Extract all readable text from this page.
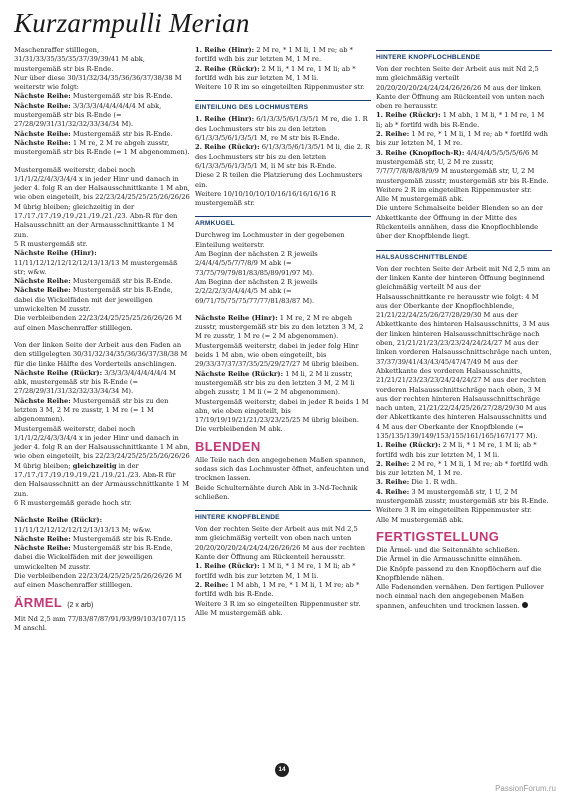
Kurzarmpulli Merian

Maschenraffer stilllegen, 31/31/33/35/35/35/37/39/39/41 M abk, mustergemäß str bis R-Ende.

Nur über diese 30/31/32/34/35/36/36/37/38/38 M weiterstr wie folgt:

Nächste Reihe: Mustergemäß str bis R-Ende.

Nächste Reihe: 3/3/3/3/4/4/4/4/4/4 M abk, mustergemäß str bis R-Ende (= 27/28/29/31/31/32/32/33/34/34 M).

Nächste Reihe: Mustergemäß str bis R-Ende.

Nächste Reihe: 1 M re, 2 M re abgeh zusstr, mustergemäß str bis R-Ende (= 1 M abgenommen).

Mustergemäß weiterstr, dabei noch 1/1/1/2/2/4/3/3/4/4 x in jeder Hinr und danach in jeder 4. folg R an der Halsausschnittkante 1 M abn, wie oben eingeteilt, bis 22/23/24/25/25/25/26/26/26 M übrig bleiben; gleichzeitig in der 17./17./17./19./19./21./19./21./23. Abn-R für den Halsausschnitt an der Armausschnittkante 1 M zun.

5 R mustergemäß str.

Nächste Reihe (Hinr): 11/11/12/12/12/12/12/13/13/13 M mustergemäß str; w&w.

Nächste Reihe: Mustergemäß str bis R-Ende.

Nächste Reihe: Mustergemäß str bis R-Ende, dabei die Wickelfäden mit der jeweiligen umwickelten M zusstr.

Die verbleibenden 22/23/24/25/25/25/26/26/26 M auf einen Maschenraffer stilllegen.

Von der linken Seite der Arbeit aus den Faden an den stillgelegten 30/31/32/34/35/36/36/37/38/38 M für die linke Hälfte des Vorderteils anschlingen.

Nächste Reihe (Rückr): 3/3/3/3/4/4/4/4/4/4 M abk, mustergemäß str bis R-Ende (= 27/28/29/31/31/32/32/33/34/34 M).

Nächste Reihe: Mustergemäß str bis zu den letzten 3 M, 2 M re zusstr, 1 M re (= 1 M abgenommen).

Mustergemäß weiterstr, dabei noch 1/1/1/2/2/4/3/3/4/4 x in jeder Hinr und danach in jeder 4. folg R an der Halsausschnittkante 1 M abn, wie oben eingeteilt, bis 22/23/24/25/25/25/26/26/26 M übrig bleiben; gleichzeitig in der 17./17./17./19./19./19./21./19./21./23. Abn-R für den Halsausschnitt an der Armausschnittkante 1 M zun.

6 R mustergemäß gerade hoch str.

Nächste Reihe (Rückr): 11/11/12/12/12/12/12/13/13/13 M; w&w.

Nächste Reihe: Mustergemäß str bis R-Ende.

Nächste Reihe: Mustergemäß str bis R-Ende, dabei die Wickelfäden mit der jeweiligen umwickelten M zusstr.

Die verbleibenden 22/23/24/25/25/25/26/26/26 M auf einen Maschenraffer stilllegen.

ÄRMEL (2 x arb)

Mit Nd 2,5 mm 77/83/87/87/91/93/99/103/107/115 M anschl.

1. Reihe (Hinr): 2 M re, * 1 M li, 1 M re; ab * fortlfd wdh bis zur letzten M, 1 M re.

2. Reihe (Rückr): 2 M li, * 1 M re, 1 M li; ab * fortlfd wdh bis zur letzten M, 1 M li.

Weitere 10 R im so eingeteilten Rippenmuster str.

EINTEILUNG DES LOCHMUSTERS

1. Reihe (Hinr): 6/1/3/3/5/6/1/3/5/1 M re, die 1. R des Lochmusters str bis zu den letzten 6/1/3/3/5/6/1/3/5/1 M, re M str bis R-Ende.

2. Reihe (Rückr): 6/1/3/3/5/6/1/3/5/1 M li, die 2. R des Lochmusters str bis zu den letzten 6/1/3/3/5/6/1/3/5/1 M, li M str bis R-Ende.

Diese 2 R teilen die Platzierung des Lochmusters ein.

Weitere 10/10/10/10/10/16/16/16/16/16 R mustergemäß str.

ARMKUGEL

Durchweg im Lochmuster in der gegebenen Einteilung weiterstr.

Am Beginn der nächsten 2 R jeweils 2/4/4/4/5/5/7/7/8/9 M abk (= 73/75/79/79/81/83/85/89/91/97 M).

Am Beginn der nächsten 2 R jeweils 2/2/2/2/3/3/4/4/4/5 M abk (= 69/71/75/75/75/77/77/81/83/87 M).

Nächste Reihe (Hinr): 1 M re, 2 M re abgeh zusstr, mustergemäß str bis zu den letzten 3 M, 2 M re zusstr, 1 M re (= 2 M abgenommen).

Mustergemäß weiterstr, dabei in jeder folg Hinr beids 1 M abn, wie oben eingeteilt, bis 29/33/37/37/37/35/25/29/27/27 M übrig bleiben.

Nächste Reihe (Rückr): 1 M li, 2 M li zusstr, mustergemäß str bis zu den letzten 3 M, 2 M li abgeh zusstr, 1 M li (= 2 M abgenommen).

Mustergemäß weiterstr, dabei in jeder R beids 1 M abn, wie oben eingeteilt, bis 17/19/19/19/21/21/23/23/25/25 M übrig bleiben.

Die verbleibenden M abk.

BLENDEN

Alle Teile nach den angegebenen Maßen spannen, sodass sich das Lochmuster öffnet, anfeuchten und trocknen lassen.

Beide Schulternähte durch Abk in 3-Nd-Technik schließen.

HINTERE KNOPFBLENDE

Von der rechten Seite der Arbeit aus mit Nd 2,5 mm gleichmäßig verteilt von oben nach unten 20/20/20/20/24/24/24/26/26/26 M aus der rechten Kante der Öffnung am Rückenteil herausstr.

1. Reihe (Rückr): 1 M li, * 1 M re, 1 M li; ab * fortlfd wdh bis zur letzten M, 1 M li.

2. Reihe: 1 M abh, 1 M re, * 1 M li, 1 M re; ab * fortlfd wdh bis R-Ende.

Weitere 3 R im so eingeteilten Rippenmuster str.

Alle M mustergemäß abk.

HINTERE KNOPFLOCHBLENDE

Von der rechten Seite der Arbeit aus mit Nd 2,5 mm gleichmäßig verteilt 20/20/20/20/24/24/24/26/26/26 M aus der linken Kante der Öffnung am Rückenteil von unten nach oben re herausstr.

1. Reihe (Rückr): 1 M abh, 1 M li, * 1 M re, 1 M li; ab * fortlfd wdh bis R-Ende.

2. Reihe: 1 M re, * 1 M li, 1 M re; ab * fortlfd wdh bis zur letzten M, 1 M re.

3. Reihe (Knopfloch-R): 4/4/4/4/5/5/5/5/6/6 M mustergemäß str, U, 2 M re zusstr, 7/7/7/7/8/8/8/8/9/9 M mustergemäß str, U, 2 M mustergemäß zusstr, mustergemäß str bis R-Ende.

Weitere 2 R im eingeteilten Rippenmuster str.

Alle M mustergemäß abk.

Die untere Schmalseite beider Blenden so an der Abkettkante der Öffnung in der Mitte des Rückenteils annähen, dass die Knopflochblende über der Knopfblende liegt.

HALSAUSSCHNITTBLENDE

Von der rechten Seite der Arbeit mit Nd 2,5 mm an der linken Kante der hinteren Öffnung beginnend gleichmäßig verteilt M aus der Halsausschnittkante re herausstr wie folgt: 4 M aus der Oberkante der Knopflochblende, 21/21/22/24/25/26/27/28/29/30 M aus der Abkettkante des hinteren Halsausschnitts, 3 M aus der linken hinteren Halsausschnittschräge nach oben, 21/21/21/23/23/23/24/24/24/27 M aus der linken vorderen Halsausschnittschräge nach unten, 37/37/39/41/43/43/45/47/47/49 M aus der Abkettkante des vorderen Halsausschnitts, 21/21/21/23/23/23/24/24/24/27 M aus der rechten vorderen Halsausschnittschräge nach oben, 3 M aus der rechten hinteren Halsausschnittschräge nach unten, 21/21/22/24/25/26/27/28/29/30 M aus der Abkettkante des hinteren Halsausschnitts und 4 M aus der Oberkante der Knopfblende (= 135/135/139/149/153/155/161/165/167/177 M).

1. Reihe (Rückr): 2 M li, * 1 M re, 1 M li; ab * fortlfd wdh bis zur letzten M, 1 M li.

2. Reihe: 2 M re, * 1 M li, 1 M re; ab * fortlfd wdh bis zur letzten M, 1 M re.

3. Reihe: Die 1. R wdh.

4. Reihe: 3 M mustergemäß str, 1 U, 2 M mustergemäß zusstr, mustergemäß str bis R-Ende.

Weitere 3 R im eingeteilten Rippenmuster str.

Alle M mustergemäß abk.

FERTIGSTELLUNG

Die Ärmel- und die Seitennähte schließen.

Die Ärmel in die Armausschnitte einnähen.

Die Knöpfe passend zu den Knopflöchern auf die Knopfblende nähen.

Alle Fadenenden vernähen. Den fertigen Pullover noch einmal nach den angegebenen Maßen spannen, anfeuchten und trocknen lassen.

14
PassionForum.ru
